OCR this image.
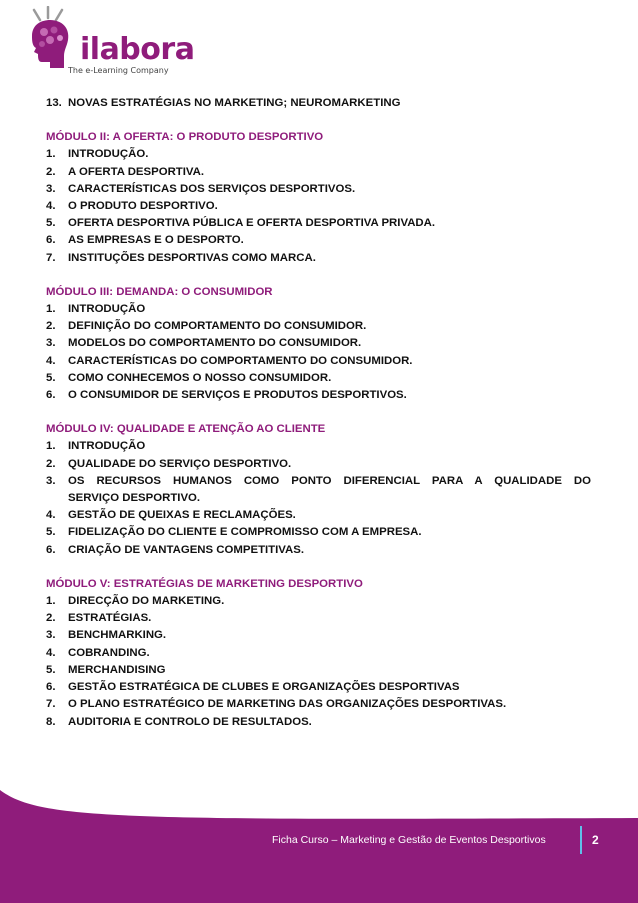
ilabora
The e-Learning Company
13. NOVAS ESTRATÉGIAS NO MARKETING; NEUROMARKETING
MÓDULO II: A OFERTA: O PRODUTO DESPORTIVO
1.	INTRODUÇÃO.
2.	A OFERTA DESPORTIVA.
3.	CARACTERÍSTICAS DOS SERVIÇOS DESPORTIVOS.
4.	O PRODUTO DESPORTIVO.
5.	OFERTA DESPORTIVA PÚBLICA E OFERTA DESPORTIVA PRIVADA.
6.	AS EMPRESAS E O DESPORTO.
7.	INSTITUÇÕES DESPORTIVAS COMO MARCA.
MÓDULO III: DEMANDA: O CONSUMIDOR
1.	INTRODUÇÃO
2.	DEFINIÇÃO DO COMPORTAMENTO DO CONSUMIDOR.
3.	MODELOS DO COMPORTAMENTO DO CONSUMIDOR.
4.	CARACTERÍSTICAS DO COMPORTAMENTO DO CONSUMIDOR.
5.	COMO CONHECEMOS O NOSSO CONSUMIDOR.
6.	O CONSUMIDOR DE SERVIÇOS E PRODUTOS DESPORTIVOS.
MÓDULO IV: QUALIDADE E ATENÇÃO AO CLIENTE
1.	INTRODUÇÃO
2.	QUALIDADE DO SERVIÇO DESPORTIVO.
3.	OS RECURSOS HUMANOS COMO PONTO DIFERENCIAL PARA A QUALIDADE DO
SERVIÇO DESPORTIVO.
4.	GESTÃO DE QUEIXAS E RECLAMAÇÕES.
5.	FIDELIZAÇÃO DO CLIENTE E COMPROMISSO COM A EMPRESA.
6.	CRIAÇÃO DE VANTAGENS COMPETITIVAS.
MÓDULO V: ESTRATÉGIAS DE MARKETING DESPORTIVO
1.	DIRECÇÃO DO MARKETING.
2.	ESTRATÉGIAS.
3.	BENCHMARKING.
4.	COBRANDING.
5.	MERCHANDISING
6.	GESTÃO ESTRATÉGICA DE CLUBES E ORGANIZAÇÕES DESPORTIVAS
7.	O PLANO ESTRATÉGICO DE MARKETING DAS ORGANIZAÇÕES DESPORTIVAS.
8.	AUDITORIA E CONTROLO DE RESULTADOS.
Ficha Curso – Marketing e Gestão de Eventos Desportivos	2
